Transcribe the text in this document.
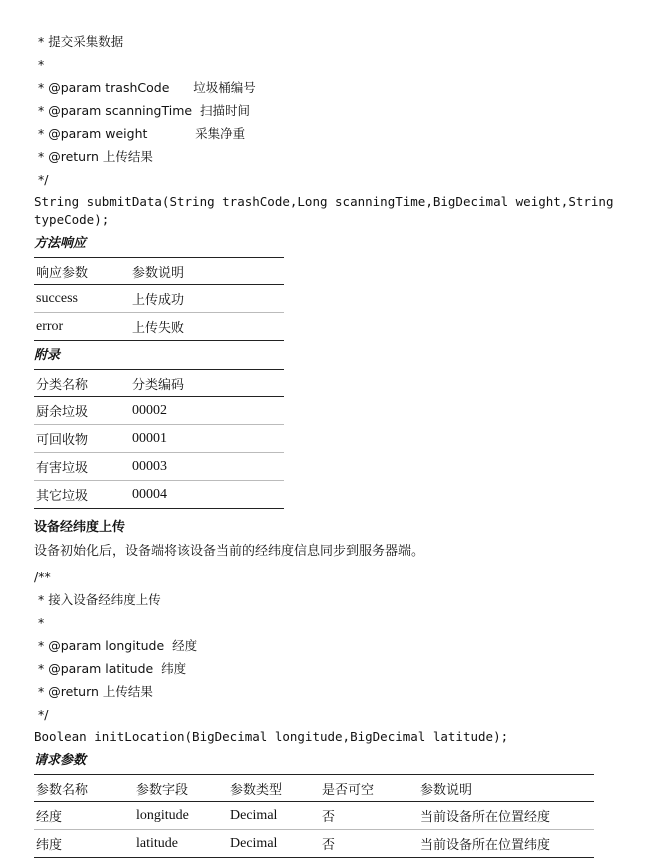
* 提交采集数据
*
* @param trashCode      垃圾桶编号
* @param scanningTime  扫描时间
* @param weight            采集净重
* @return 上传结果
*/
String submitData(String trashCode,Long scanningTime,BigDecimal weight,String typeCode);
方法响应
响应参数	参数说明
success	上传成功
error	上传失败
附录
分类名称	分类编码
厨余垃圾	00002
可回收物	00001
有害垃圾	00003
其它垃圾	00004
设备经纬度上传
设备初始化后，设备端将该设备当前的经纬度信息同步到服务器端。
/**
* 接入设备经纬度上传
*
* @param longitude  经度
* @param latitude  纬度
* @return 上传结果
*/
Boolean initLocation(BigDecimal longitude,BigDecimal latitude);
请求参数
参数名称	参数字段	参数类型	是否可空	参数说明
经度	longitude	Decimal	否	当前设备所在位置经度
纬度	latitude	Decimal	否	当前设备所在位置纬度
